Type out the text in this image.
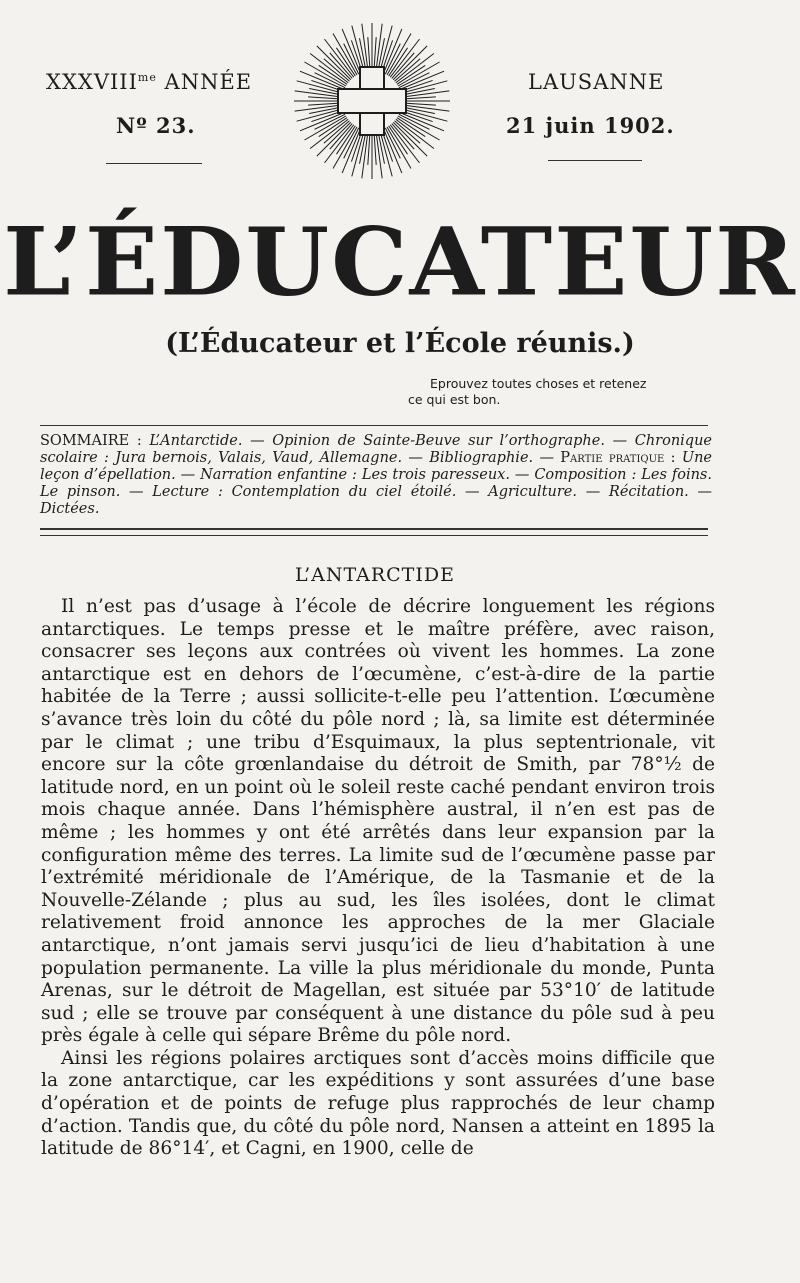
$XXXVIII^{me}$ ANNÉE
Nº 23.
LAUSANNE
21 juin 1902.
L’ÉDUCATEUR
(L’Éducateur et l’École réunis.)
Eprouvez toutes choses et retenez
ce qui est bon.
SOMMAIRE : L’Antarctide. — Opinion de Sainte-Beuve sur l’orthographe. — Chronique scolaire : Jura bernois, Valais, Vaud, Allemagne. — Bibliographie. — Partie pratique : Une leçon d’épellation. — Narration enfantine : Les trois paresseux. — Composition : Les foins. Le pinson. — Lecture : Contemplation du ciel étoilé. — Agriculture. — Récitation. — Dictées.
L’ANTARCTIDE

Il n’est pas d’usage à l’école de décrire longuement les régions antarctiques. Le temps presse et le maître préfère, avec raison, consacrer ses leçons aux contrées où vivent les hommes. La zone antarctique est en dehors de l’œcumène, c’est-à-dire de la partie habitée de la Terre ; aussi sollicite-t-elle peu l’attention. L’œcumène s’avance très loin du côté du pôle nord ; là, sa limite est déterminée par le climat ; une tribu d’Esquimaux, la plus septentrionale, vit encore sur la côte grœnlandaise du détroit de Smith, par 78°½ de latitude nord, en un point où le soleil reste caché pendant environ trois mois chaque année. Dans l’hémisphère austral, il n’en est pas de même ; les hommes y ont été arrêtés dans leur expansion par la configuration même des terres. La limite sud de l’œcumène passe par l’extrémité méridionale de l’Amérique, de la Tasmanie et de la Nouvelle-Zélande ; plus au sud, les îles isolées, dont le climat relativement froid annonce les approches de la mer Glaciale antarctique, n’ont jamais servi jusqu’ici de lieu d’habitation à une population permanente. La ville la plus méridionale du monde, Punta Arenas, sur le détroit de Magellan, est située par 53°10′ de latitude sud ; elle se trouve par conséquent à une distance du pôle sud à peu près égale à celle qui sépare Brême du pôle nord.

Ainsi les régions polaires arctiques sont d’accès moins difficile que la zone antarctique, car les expéditions y sont assurées d’une base d’opération et de points de refuge plus rapprochés de leur champ d’action. Tandis que, du côté du pôle nord, Nansen a atteint en 1895 la latitude de 86°14′, et Cagni, en 1900, celle de
